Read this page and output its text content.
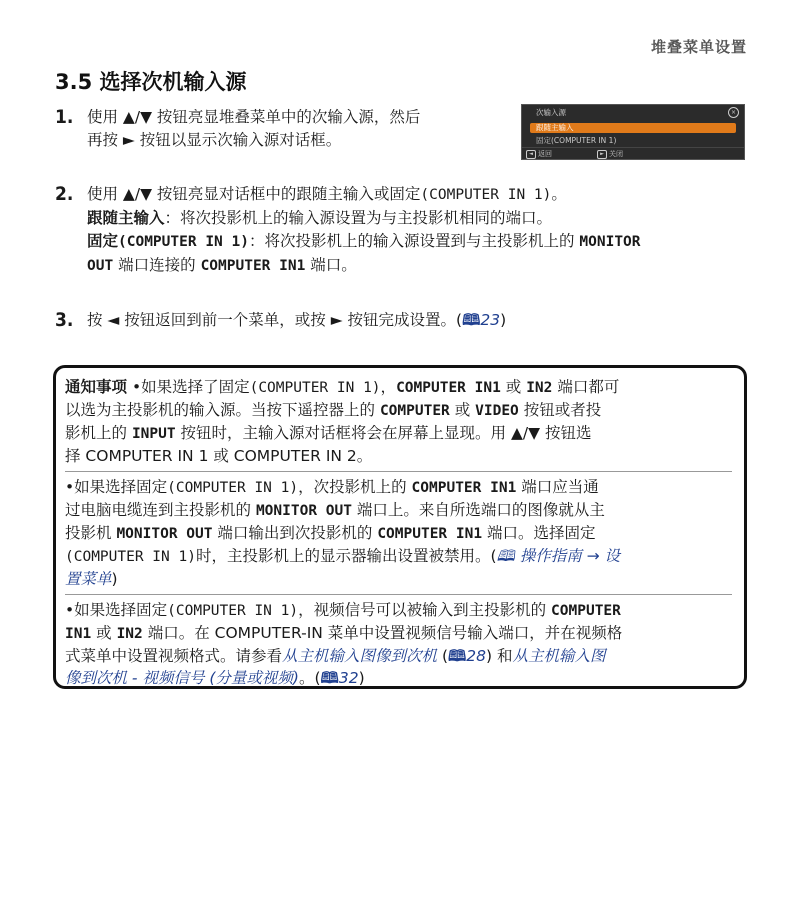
堆叠菜单设置
3.5 选择次机输入源
1. 使用 ▲/▼ 按钮亮显堆叠菜单中的次输入源，然后
再按 ► 按钮以显示次输入源对话框。
次输入源	×
跟随主输入
固定(COMPUTER IN 1)
◄ 返回	► 关闭
2. 使用 ▲/▼ 按钮亮显对话框中的跟随主输入或固定(COMPUTER IN 1)。
跟随主输入：将次投影机上的输入源设置为与主投影机相同的端口。
固定(COMPUTER IN 1)：将次投影机上的输入源设置到与主投影机上的 MONITOR
OUT 端口连接的 COMPUTER IN1 端口。
3. 按 ◄ 按钮返回到前一个菜单，或按 ► 按钮完成设置。(🕮23)

通知事项 •如果选择了固定(COMPUTER IN 1)，COMPUTER IN1 或 IN2 端口都可
以选为主投影机的输入源。当按下遥控器上的 COMPUTER 或 VIDEO 按钮或者投
影机上的 INPUT 按钮时，主输入源对话框将会在屏幕上显现。用 ▲/▼ 按钮选
择 COMPUTER IN 1 或 COMPUTER IN 2。

•如果选择固定(COMPUTER IN 1)，次投影机上的 COMPUTER IN1 端口应当通
过电脑电缆连到主投影机的 MONITOR OUT 端口上。来自所选端口的图像就从主
投影机 MONITOR OUT 端口输出到次投影机的 COMPUTER IN1 端口。选择固定
(COMPUTER IN 1)时，主投影机上的显示器输出设置被禁用。(🕮 操作指南 → 设
置菜单)

•如果选择固定(COMPUTER IN 1)，视频信号可以被输入到主投影机的 COMPUTER
IN1 或 IN2 端口。在 COMPUTER-IN 菜单中设置视频信号输入端口，并在视频格
式菜单中设置视频格式。请参看从主机输入图像到次机 (🕮28) 和从主机输入图
像到次机 - 视频信号 (分量或视频)。(🕮32)
